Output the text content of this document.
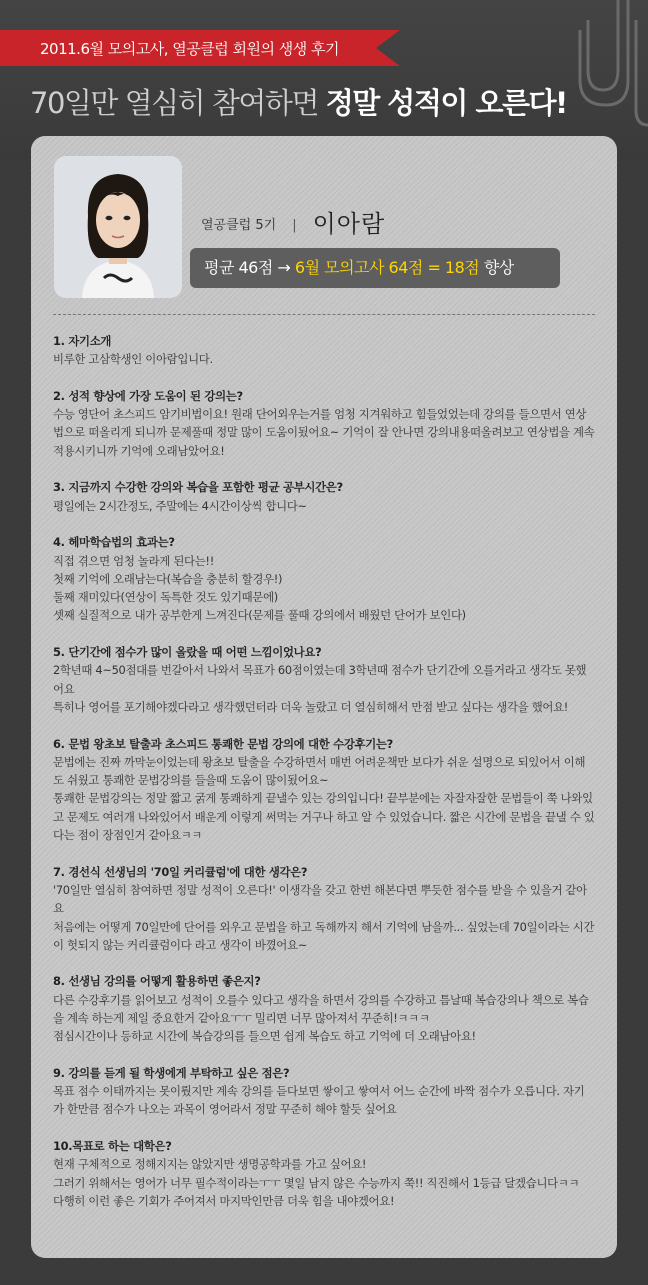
2011.6월 모의고사, 열공클럽 회원의 생생 후기
70일만 열심히 참여하면 정말 성적이 오른다!
열공클럽 5기 | 이아람
평균 46점 → 6월 모의고사 64점 = 18점 향상

1. 자기소개

비루한 고삼학생인 이아람입니다.

2. 성적 향상에 가장 도움이 된 강의는?

수능 영단어 초스피드 암기비법이요! 원래 단어외우는거를 엄청 지겨워하고 힘들었었는데 강의를 들으면서 연상법으로 떠올리게 되니까 문제풀때 정말 많이 도움이됬어요~ 기억이 잘 안나면 강의내용떠올려보고 연상법을 계속 적용시키니까 기억에 오래남았어요!

3. 지금까지 수강한 강의와 복습을 포함한 평균 공부시간은?

평일에는 2시간정도, 주말에는 4시간이상씩 합니다~

4. 헤마학습법의 효과는?

직접 겪으면 엄청 놀라게 된다는!!

첫째 기억에 오래남는다(복습을 충분히 할경우!)

둘째 재미있다(연상이 독특한 것도 있기때문에)

셋째 실질적으로 내가 공부한게 느껴진다(문제를 풀때 강의에서 배웠던 단어가 보인다)

5. 단기간에 점수가 많이 올랐을 때 어떤 느낌이었나요?

2학년때 4~50점대를 번갈아서 나와서 목표가 60점이였는데 3학년때 점수가 단기간에 오를거라고 생각도 못했어요

특히나 영어를 포기해야겠다라고 생각했던터라 더욱 놀랐고 더 열심히해서 만점 받고 싶다는 생각을 했어요!

6. 문법 왕초보 탈출과 초스피드 통쾌한 문법 강의에 대한 수강후기는?

문법에는 진짜 까막눈이었는데 왕초보 탈출을 수강하면서 매번 어려운책만 보다가 쉬운 설명으로 되있어서 이해도 쉬웠고 통쾌한 문법강의를 들을때 도움이 많이됬어요~

통쾌한 문법강의는 정말 짧고 굵게 통쾌하게 끝낼수 있는 강의입니다! 끝부분에는 자잘자잘한 문법들이 쭉 나와있고 문제도 여러개 나와있어서 배운게 이렇게 써먹는 거구나 하고 알 수 있었습니다. 짧은 시간에 문법을 끝낼 수 있다는 점이 장점인거 같아요ㅋㅋ

7. 경선식 선생님의 '70일 커리큘럼'에 대한 생각은?

'70일만 열심히 참여하면 정말 성적이 오른다!' 이생각을 갖고 한번 해본다면 뿌듯한 점수를 받을 수 있을거 같아요

처음에는 어떻게 70일만에 단어를 외우고 문법을 하고 독해까지 해서 기억에 남을까... 싶었는데 70일이라는 시간이 헛되지 않는 커리큘럼이다 라고 생각이 바꼈어요~

8. 선생님 강의를 어떻게 활용하면 좋은지?

다른 수강후기를 읽어보고 성적이 오를수 있다고 생각을 하면서 강의를 수강하고 틈날때 복습강의나 책으로 복습을 계속 하는게 제일 중요한거 같아요ㅜㅜ 밀리면 너무 많아져서 꾸준히!ㅋㅋㅋ

점심시간이나 등하교 시간에 복습강의를 들으면 쉽게 복습도 하고 기억에 더 오래남아요!

9. 강의를 듣게 될 학생에게 부탁하고 싶은 점은?

목표 점수 이태까지는 못이뤘지만 계속 강의를 듣다보면 쌓이고 쌓여서 어느 순간에 바짝 점수가 오릅니다. 자기가 한만큼 점수가 나오는 과목이 영어라서 정말 꾸준히 해야 할듯 싶어요

10.목표로 하는 대학은?

현재 구체적으로 정해지지는 않았지만 생명공학과를 가고 싶어요!

그러기 위해서는 영어가 너무 필수적이라는ㅜㅜ 몇일 남지 않은 수능까지 쭉!! 직진해서 1등급 달겠습니다ㅋㅋ

다행히 이런 좋은 기회가 주어져서 마지막인만큼 더욱 힘을 내야겠어요!
